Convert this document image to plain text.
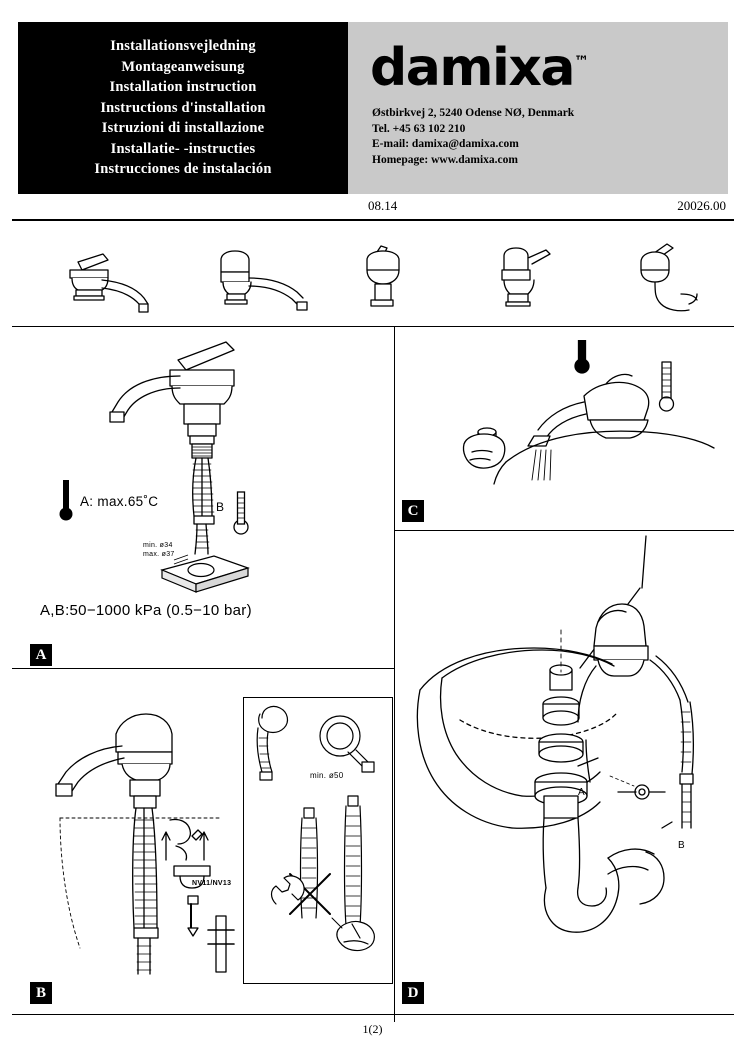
Installationsvejledning
Montageanweisung
Installation instruction
Instructions d'installation
Istruzioni di installazione
Installatie- -instructies
Instrucciones de instalación
damixa™
Østbirkvej 2, 5240 Odense NØ, Denmark
Tel. +45 63 102 210
E-mail: damixa@damixa.com
Homepage: www.damixa.com
08.14	20026.00
A: max.65˚C	B
min. ø34
max. ø37
A,B:50−1000 kPa (0.5−10 bar)
A
C
NV11/NV13
min. ø50
B
A
B
D
1(2)
